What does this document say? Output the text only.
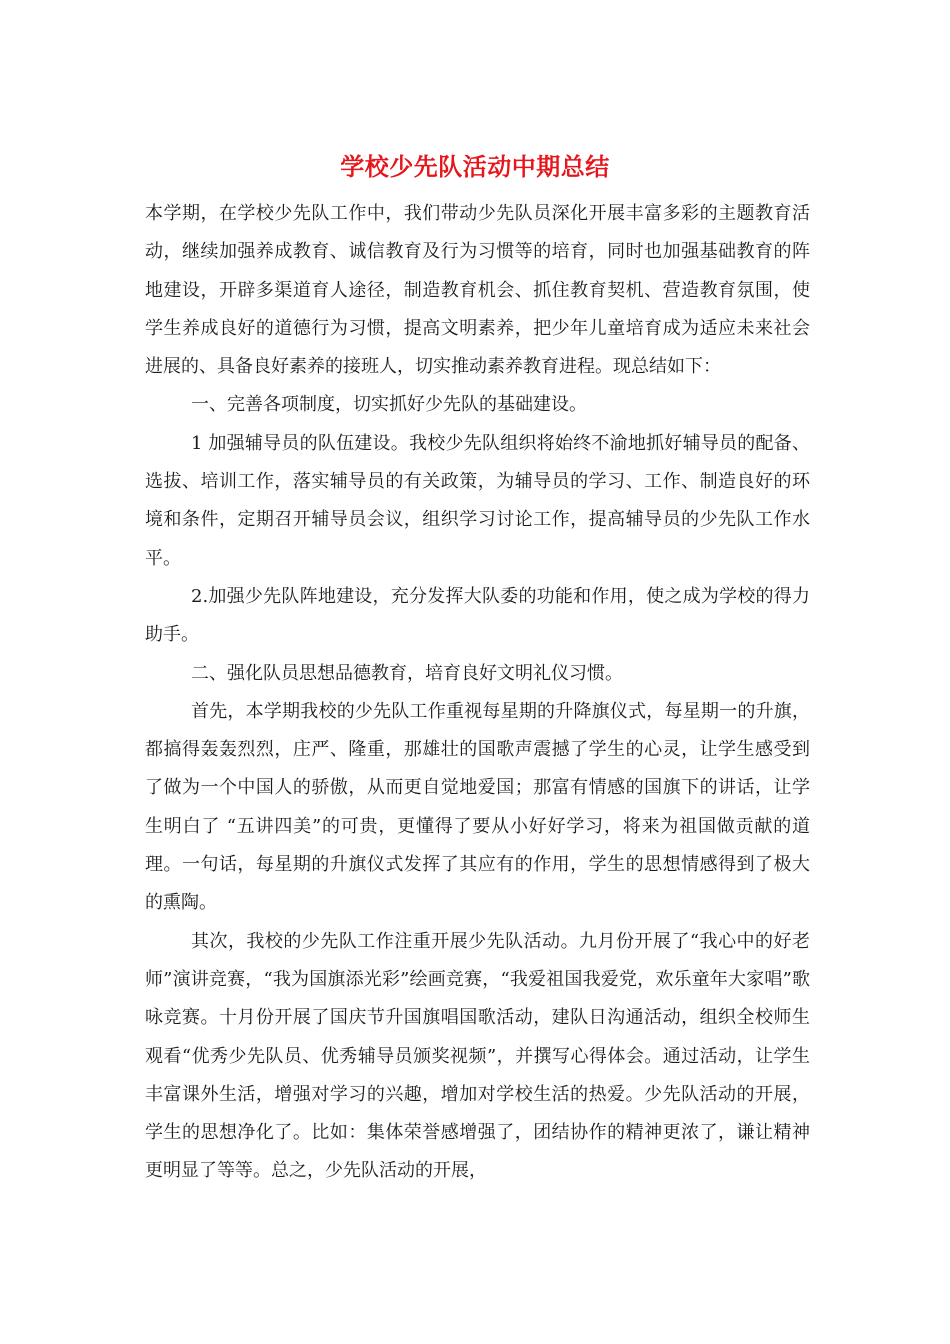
学校少先队活动中期总结

本学期，在学校少先队工作中，我们带动少先队员深化开展丰富多彩的主题教育活动，继续加强养成教育、诚信教育及行为习惯等的培育，同时也加强基础教育的阵地建设，开辟多渠道育人途径，制造教育机会、抓住教育契机、营造教育氛围，使学生养成良好的道德行为习惯，提高文明素养，把少年儿童培育成为适应未来社会进展的、具备良好素养的接班人，切实推动素养教育进程。现总结如下：

一、完善各项制度，切实抓好少先队的基础建设。

1 加强辅导员的队伍建设。我校少先队组织将始终不渝地抓好辅导员的配备、选拔、培训工作，落实辅导员的有关政策，为辅导员的学习、工作、制造良好的环境和条件，定期召开辅导员会议，组织学习讨论工作，提高辅导员的少先队工作水平。

2.加强少先队阵地建设，充分发挥大队委的功能和作用，使之成为学校的得力助手。

二、强化队员思想品德教育，培育良好文明礼仪习惯。

首先，本学期我校的少先队工作重视每星期的升降旗仪式，每星期一的升旗，都搞得轰轰烈烈，庄严、隆重，那雄壮的国歌声震撼了学生的心灵，让学生感受到了做为一个中国人的骄傲，从而更自觉地爱国；那富有情感的国旗下的讲话，让学生明白了 “五讲四美”的可贵，更懂得了要从小好好学习，将来为祖国做贡献的道理。一句话，每星期的升旗仪式发挥了其应有的作用，学生的思想情感得到了极大的熏陶。

其次，我校的少先队工作注重开展少先队活动。九月份开展了“我心中的好老师”演讲竞赛，“我为国旗添光彩”绘画竞赛，“我爱祖国我爱党，欢乐童年大家唱”歌咏竞赛。十月份开展了国庆节升国旗唱国歌活动，建队日沟通活动，组织全校师生观看“优秀少先队员、优秀辅导员颁奖视频”，并撰写心得体会。通过活动，让学生丰富课外生活，增强对学习的兴趣，增加对学校生活的热爱。少先队活动的开展，学生的思想净化了。比如：集体荣誉感增强了，团结协作的精神更浓了，谦让精神更明显了等等。总之，少先队活动的开展，
